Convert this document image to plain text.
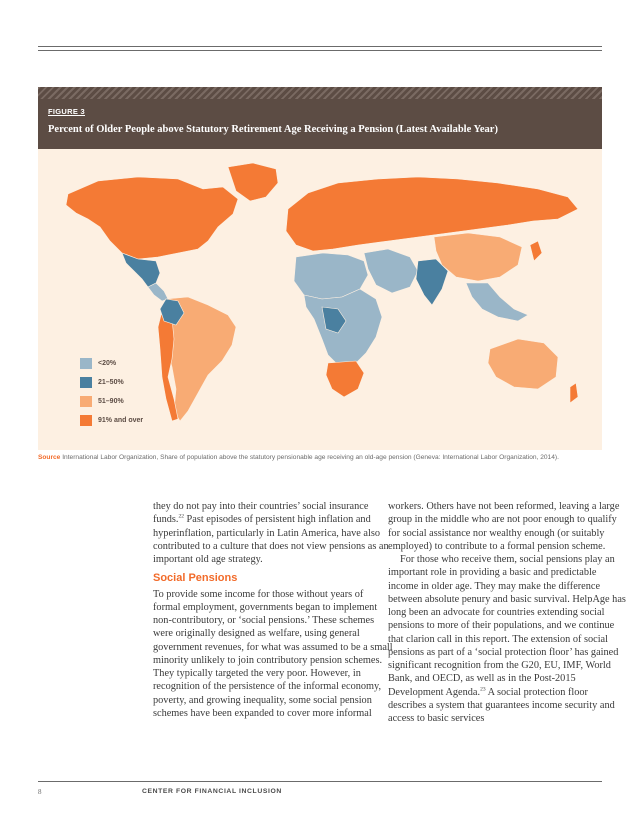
FIGURE 3
Percent of Older People above Statutory Retirement Age Receiving a Pension (Latest Available Year)
<20%
21–50%
51–90%
91% and over
Source International Labor Organization, Share of population above the statutory pensionable age receiving an old-age pension (Geneva: International Labor Organization, 2014).

they do not pay into their countries’ social insurance funds.$^{22}$ Past episodes of persistent high inflation and hyperinflation, particularly in Latin America, have also contributed to a culture that does not view pensions as an important old age strategy.

Social Pensions

To provide some income for those without years of formal employment, governments began to implement non-contributory, or ‘social pensions.’ These schemes were originally designed as welfare, using general government revenues, for what was assumed to be a small minority unlikely to join contributory pension schemes. They typically targeted the very poor. However, in recognition of the persistence of the informal economy, poverty, and growing inequality, some social pension schemes have been expanded to cover more informal

workers. Others have not been reformed, leaving a large group in the middle who are not poor enough to qualify for social assistance nor wealthy enough (or suitably employed) to contribute to a formal pension scheme.

For those who receive them, social pensions play an important role in providing a basic and predictable income in older age. They may make the difference between absolute penury and basic survival. HelpAge has long been an advocate for countries extending social pensions to more of their populations, and we continue that clarion call in this report. The extension of social pensions as part of a ‘social protection floor’ has gained significant recognition from the G20, EU, IMF, World Bank, and OECD, as well as in the Post-2015 Development Agenda.$^{23}$ A social protection floor describes a system that guarantees income security and access to basic services

8	CENTER FOR FINANCIAL INCLUSION
